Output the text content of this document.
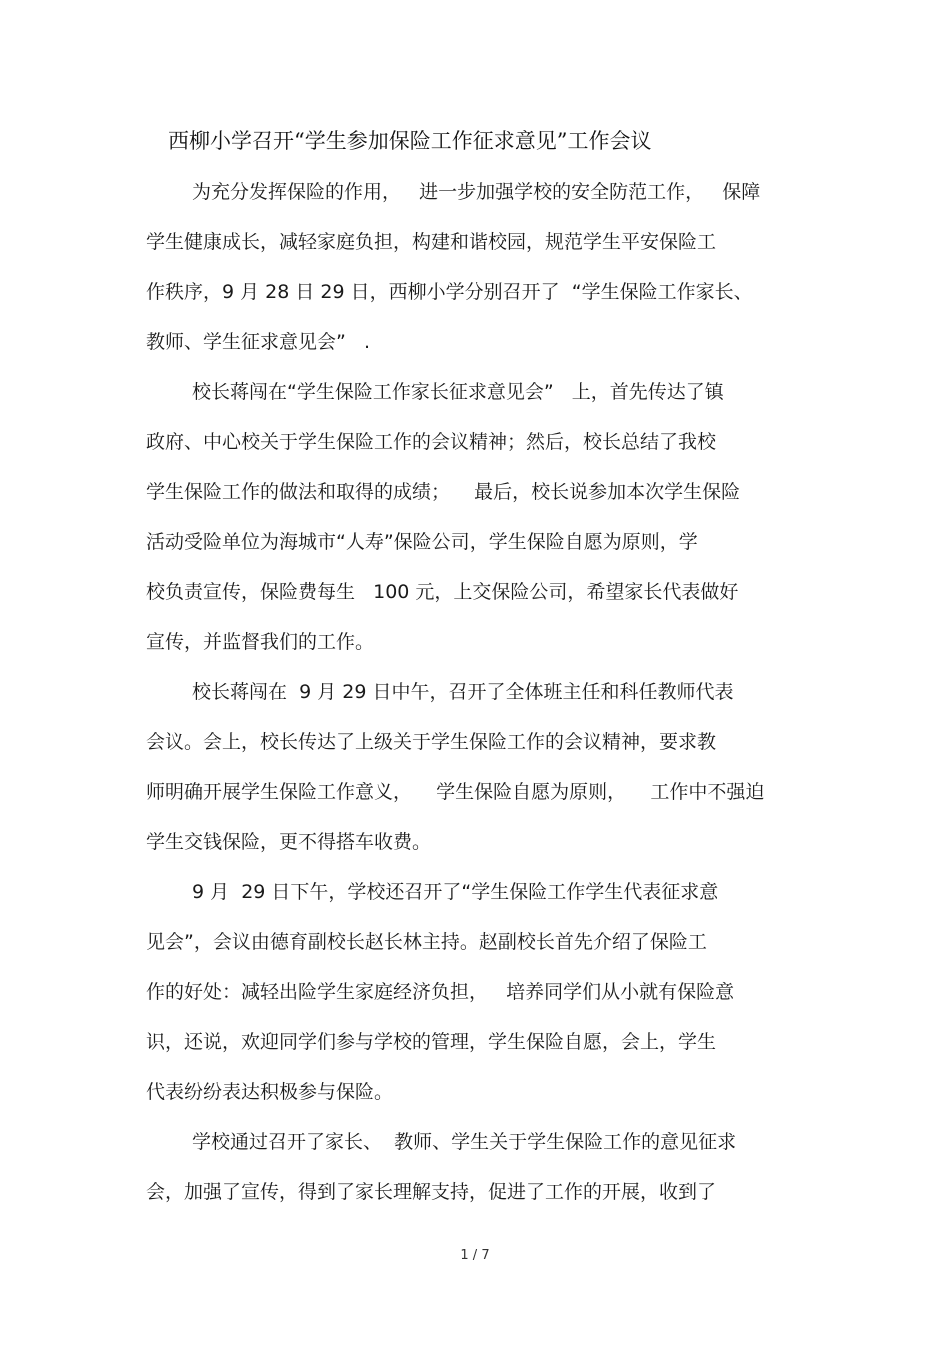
西柳小学召开“学生参加保险工作征求意见”工作会议
为充分发挥保险的作用，   进一步加强学校的安全防范工作，   保障
学生健康成长，减轻家庭负担，构建和谐校园，规范学生平安保险工
作秩序，9 月 28 日 29 日，西柳小学分别召开了  “学生保险工作家长、
教师、学生征求意见会”   .
校长蒋闯在“学生保险工作家长征求意见会”   上，首先传达了镇
政府、中心校关于学生保险工作的会议精神；然后，校长总结了我校
学生保险工作的做法和取得的成绩；    最后，校长说参加本次学生保险
活动受险单位为海城市“人寿”保险公司，学生保险自愿为原则，学
校负责宣传，保险费每生   100 元，上交保险公司，希望家长代表做好
宣传，并监督我们的工作。
校长蒋闯在  9 月 29 日中午，召开了全体班主任和科任教师代表
会议。会上，校长传达了上级关于学生保险工作的会议精神，要求教
师明确开展学生保险工作意义，    学生保险自愿为原则，    工作中不强迫
学生交钱保险，更不得搭车收费。
9 月  29 日下午，学校还召开了“学生保险工作学生代表征求意
见会”，会议由德育副校长赵长林主持。赵副校长首先介绍了保险工
作的好处：减轻出险学生家庭经济负担，   培养同学们从小就有保险意
识，还说，欢迎同学们参与学校的管理，学生保险自愿，会上，学生
代表纷纷表达积极参与保险。
学校通过召开了家长、  教师、学生关于学生保险工作的意见征求
会，加强了宣传，得到了家长理解支持，促进了工作的开展，收到了
1 / 7
